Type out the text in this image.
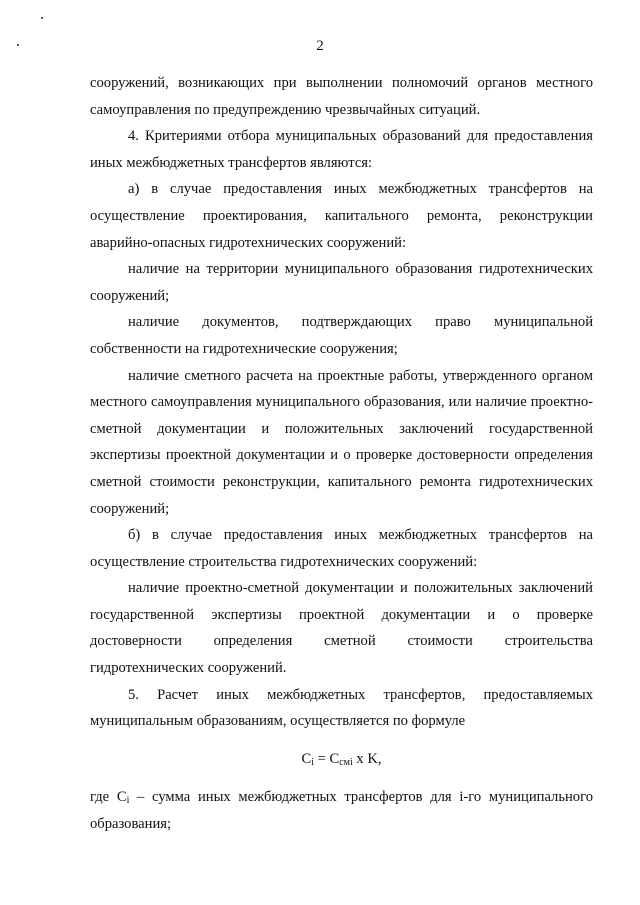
2

сооружений, возникающих при выполнении полномочий органов местного самоуправления по предупреждению чрезвычайных ситуаций.

4. Критериями отбора муниципальных образований для предоставления иных межбюджетных трансфертов являются:

а) в случае предоставления иных межбюджетных трансфертов на осуществление проектирования, капитального ремонта, реконструкции аварийно-опасных гидротехнических сооружений:

наличие на территории муниципального образования гидротехнических сооружений;

наличие документов, подтверждающих право муниципальной собственности на гидротехнические сооружения;

наличие сметного расчета на проектные работы, утвержденного органом местного самоуправления муниципального образования, или наличие проектно-сметной документации и положительных заключений государственной экспертизы проектной документации и о проверке достоверности определения сметной стоимости реконструкции, капитального ремонта гидротехнических сооружений;

б) в случае предоставления иных межбюджетных трансфертов на осуществление строительства гидротехнических сооружений:

наличие проектно-сметной документации и положительных заключений государственной экспертизы проектной документации и о проверке достоверности определения сметной стоимости строительства гидротехнических сооружений.

5. Расчет иных межбюджетных трансфертов, предоставляемых муниципальным образованиям, осуществляется по формуле

$C_i = C_{смi}$ x K,

где $C_i$ – сумма иных межбюджетных трансфертов для i-го муниципального образования;
